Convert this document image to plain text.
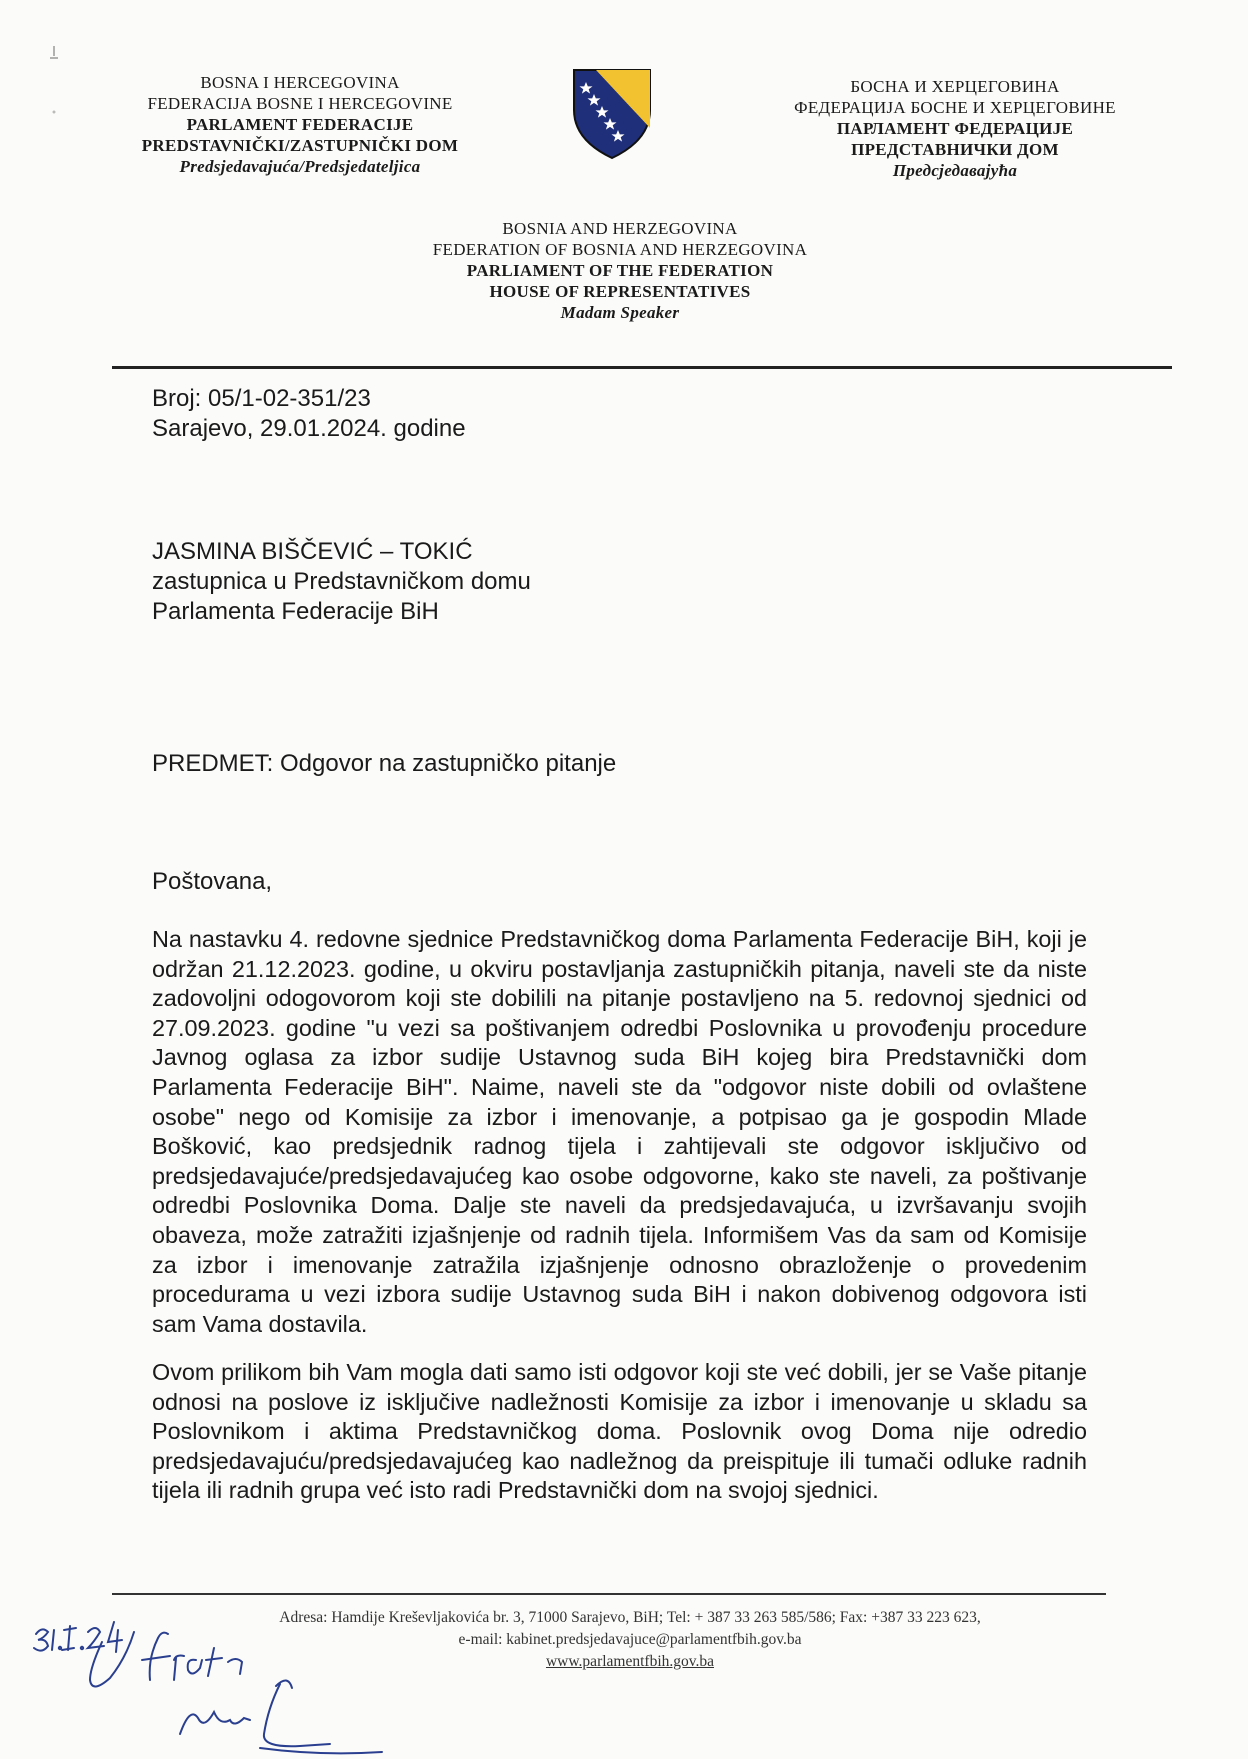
BOSNA I HERCEGOVINA
FEDERACIJA BOSNE I HERCEGOVINE
PARLAMENT FEDERACIJE
PREDSTAVNIČKI/ZASTUPNIČKI DOM
Predsjedavajuća/Predsjedateljica
БОСНА И ХЕРЦЕГОВИНА
ФЕДЕРАЦИЈА БОСНЕ И ХЕРЦЕГОВИНЕ
ПАРЛАМЕНТ ФЕДЕРАЦИЈЕ
ПРЕДСТАВНИЧКИ ДОМ
Предсједавајућа
BOSNIA AND HERZEGOVINA
FEDERATION OF BOSNIA AND HERZEGOVINA
PARLIAMENT OF THE FEDERATION
HOUSE OF REPRESENTATIVES
Madam Speaker
Broj: 05/1-02-351/23
Sarajevo, 29.01.2024. godine
JASMINA BIŠČEVIĆ – TOKIĆ
zastupnica u Predstavničkom domu
Parlamenta Federacije BiH
PREDMET: Odgovor na zastupničko pitanje
Poštovana,
Na nastavku 4. redovne sjednice Predstavničkog doma Parlamenta Federacije BiH, koji je održan 21.12.2023. godine, u okviru postavljanja zastupničkih pitanja, naveli ste da niste zadovoljni odogovorom koji ste dobilili na pitanje postavljeno na 5. redovnoj sjednici od 27.09.2023. godine "u vezi sa poštivanjem odredbi Poslovnika u provođenju procedure Javnog oglasa za izbor sudije Ustavnog suda BiH kojeg bira Predstavnički dom Parlamenta Federacije BiH". Naime, naveli ste da "odgovor niste dobili od ovlaštene osobe" nego od Komisije za izbor i imenovanje, a potpisao ga je gospodin Mlade Bošković, kao predsjednik radnog tijela i zahtijevali ste odgovor isključivo od predsjedavajuće/predsjedavajućeg kao osobe odgovorne, kako ste naveli, za poštivanje odredbi Poslovnika Doma. Dalje ste naveli da predsjedavajuća, u izvršavanju svojih obaveza, može zatražiti izjašnjenje od radnih tijela. Informišem Vas da sam od Komisije za izbor i imenovanje zatražila izjašnjenje odnosno obrazloženje o provedenim procedurama u vezi izbora sudije Ustavnog suda BiH i nakon dobivenog odgovora isti sam Vama dostavila.
Ovom prilikom bih Vam mogla dati samo isti odgovor koji ste već dobili, jer se Vaše pitanje odnosi na poslove iz isključive nadležnosti Komisije za izbor i imenovanje u skladu sa Poslovnikom i aktima Predstavničkog doma. Poslovnik ovog Doma nije odredio predsjedavajuću/predsjedavajućeg kao nadležnog da preispituje ili tumači odluke radnih tijela ili radnih grupa već isto radi Predstavnički dom na svojoj sjednici.
Adresa: Hamdije Kreševljakovića br. 3, 71000 Sarajevo, BiH; Tel: + 387 33 263 585/586; Fax: +387 33 223 623,
e-mail: kabinet.predsjedavajuce@parlamentfbih.gov.ba
www.parlamentfbih.gov.ba
